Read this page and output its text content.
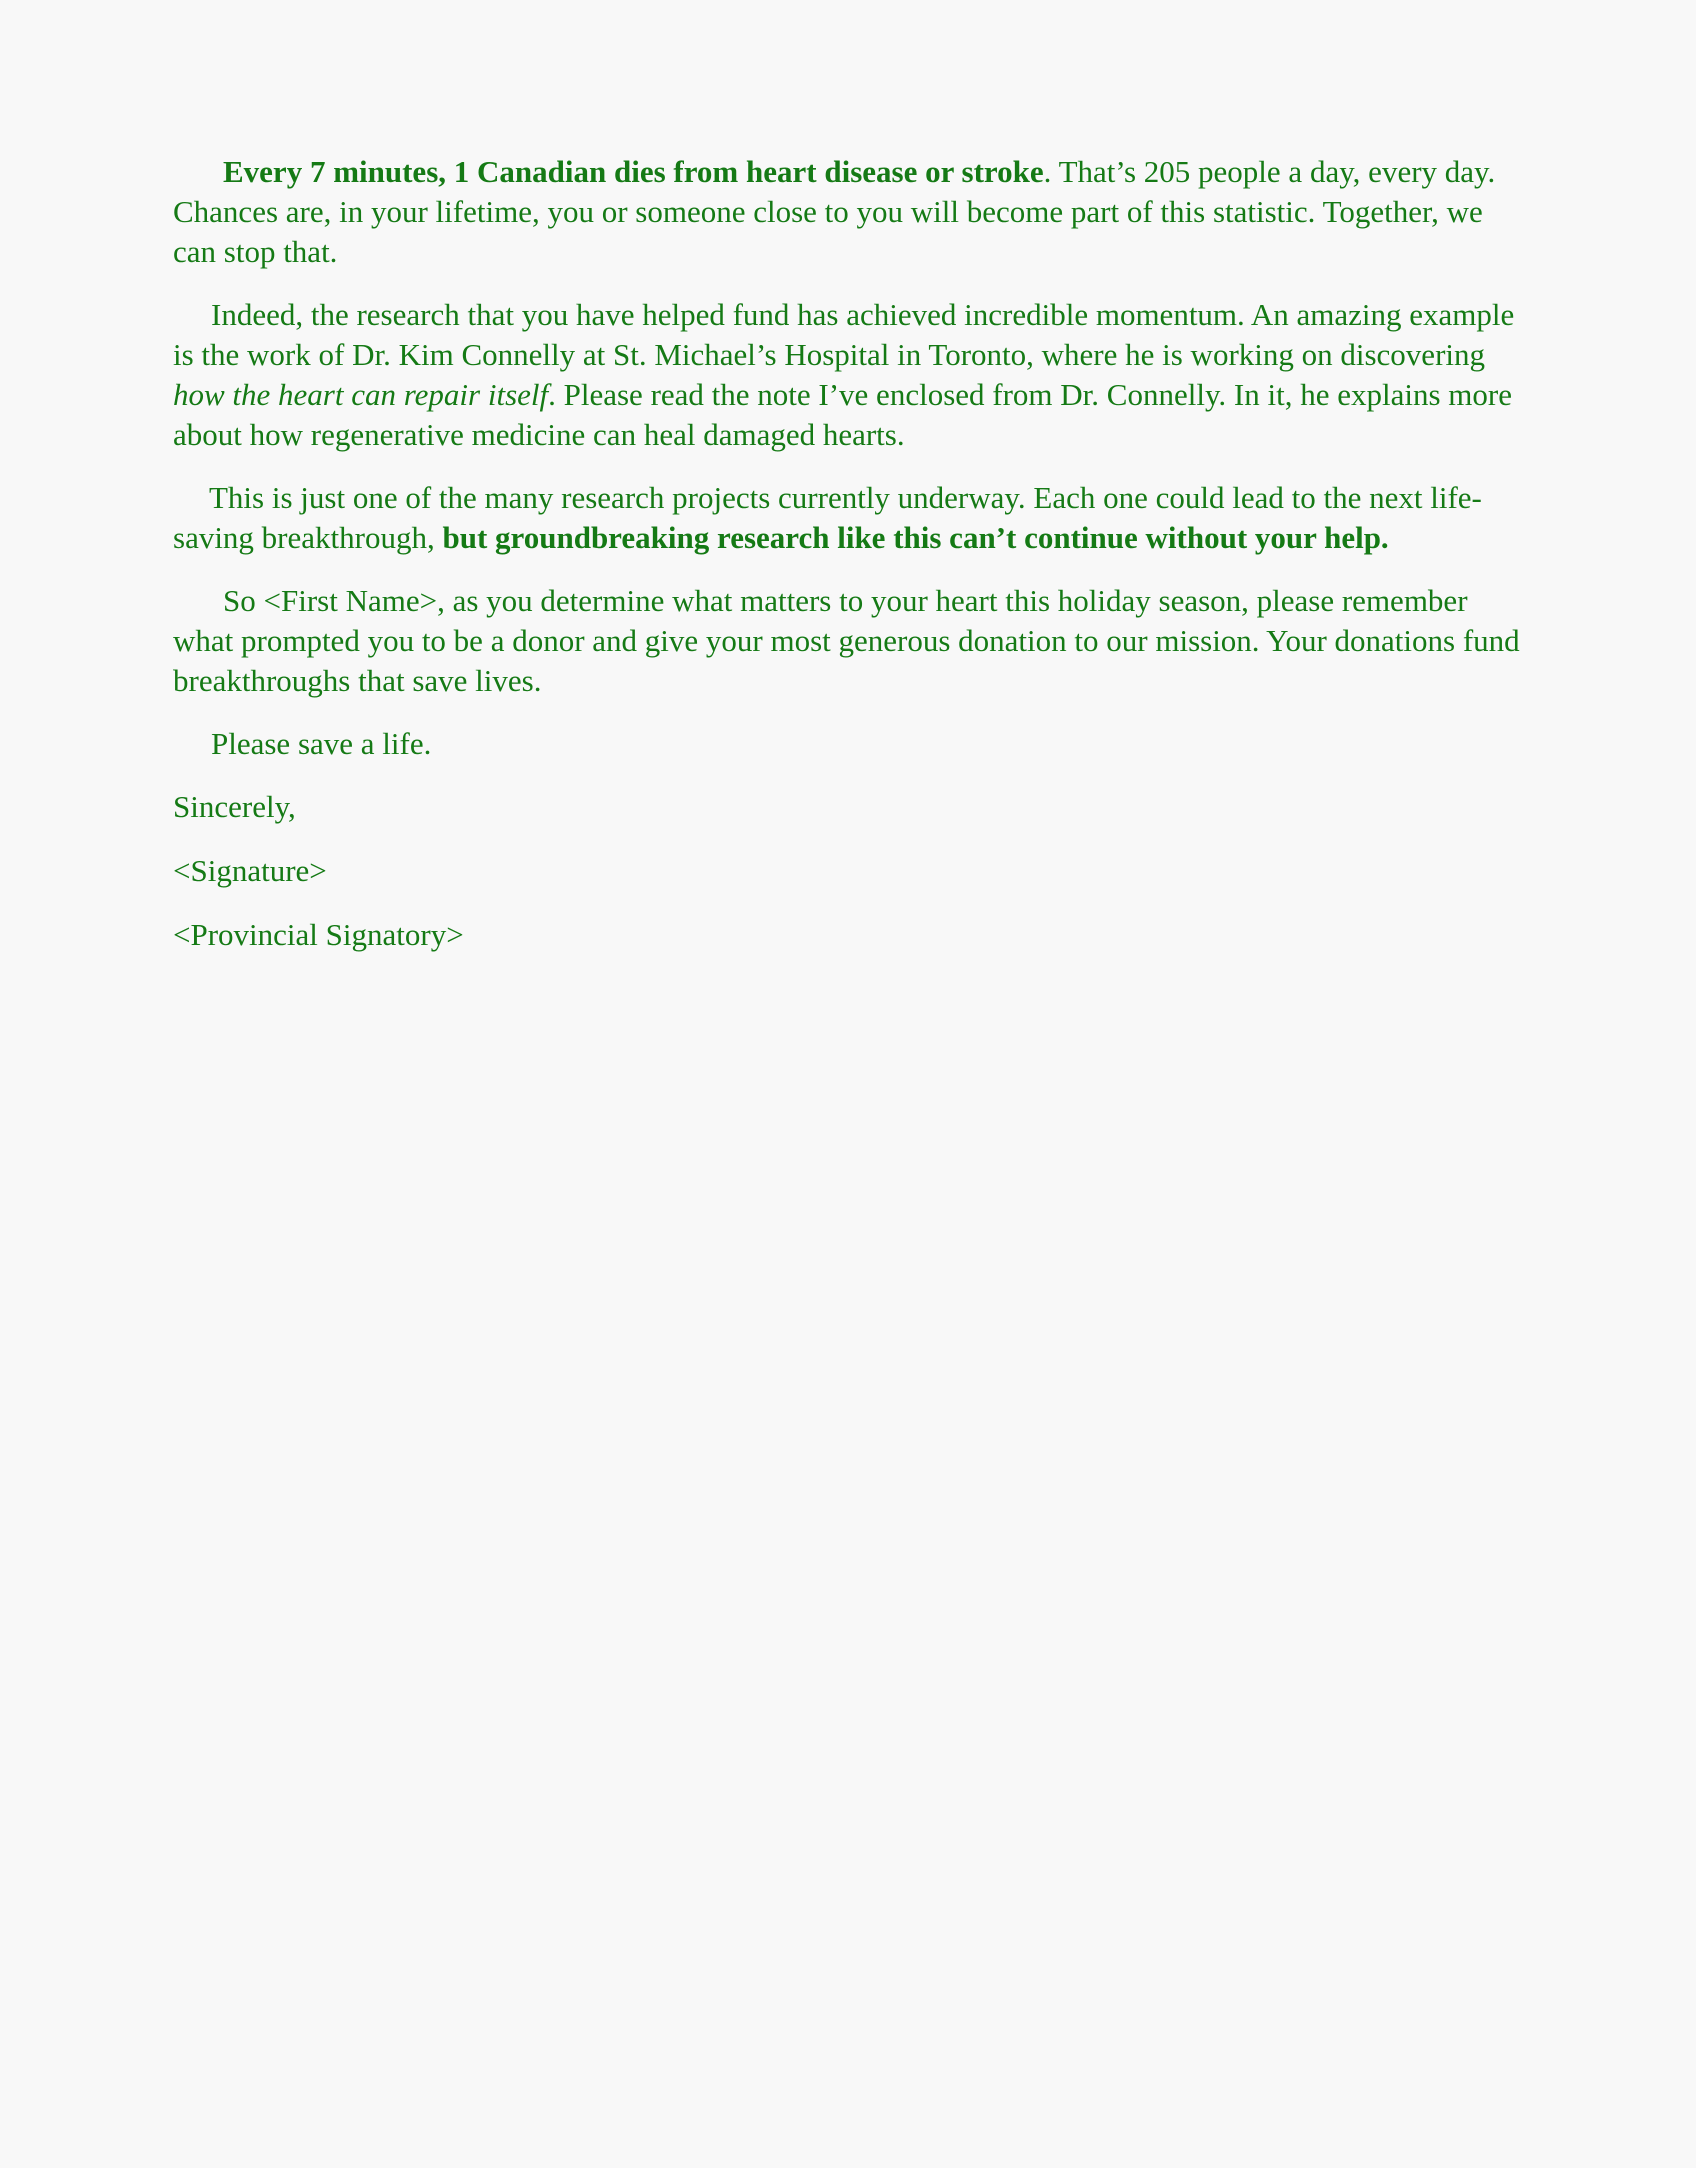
Every 7 minutes, 1 Canadian dies from heart disease or stroke. That’s 205 people a day, every day. Chances are, in your lifetime, you or someone close to you will become part of this statistic. Together, we can stop that.

Indeed, the research that you have helped fund has achieved incredible momentum. An amazing example is the work of Dr. Kim Connelly at St. Michael’s Hospital in Toronto, where he is working on discovering how the heart can repair itself. Please read the note I’ve enclosed from Dr. Connelly. In it, he explains more about how regenerative medicine can heal damaged hearts.

This is just one of the many research projects currently underway. Each one could lead to the next life-saving breakthrough, but groundbreaking research like this can’t continue without your help.

So <First Name>, as you determine what matters to your heart this holiday season, please remember what prompted you to be a donor and give your most generous donation to our mission. Your donations fund breakthroughs that save lives.

Please save a life.

Sincerely,

<Signature>

<Provincial Signatory>
